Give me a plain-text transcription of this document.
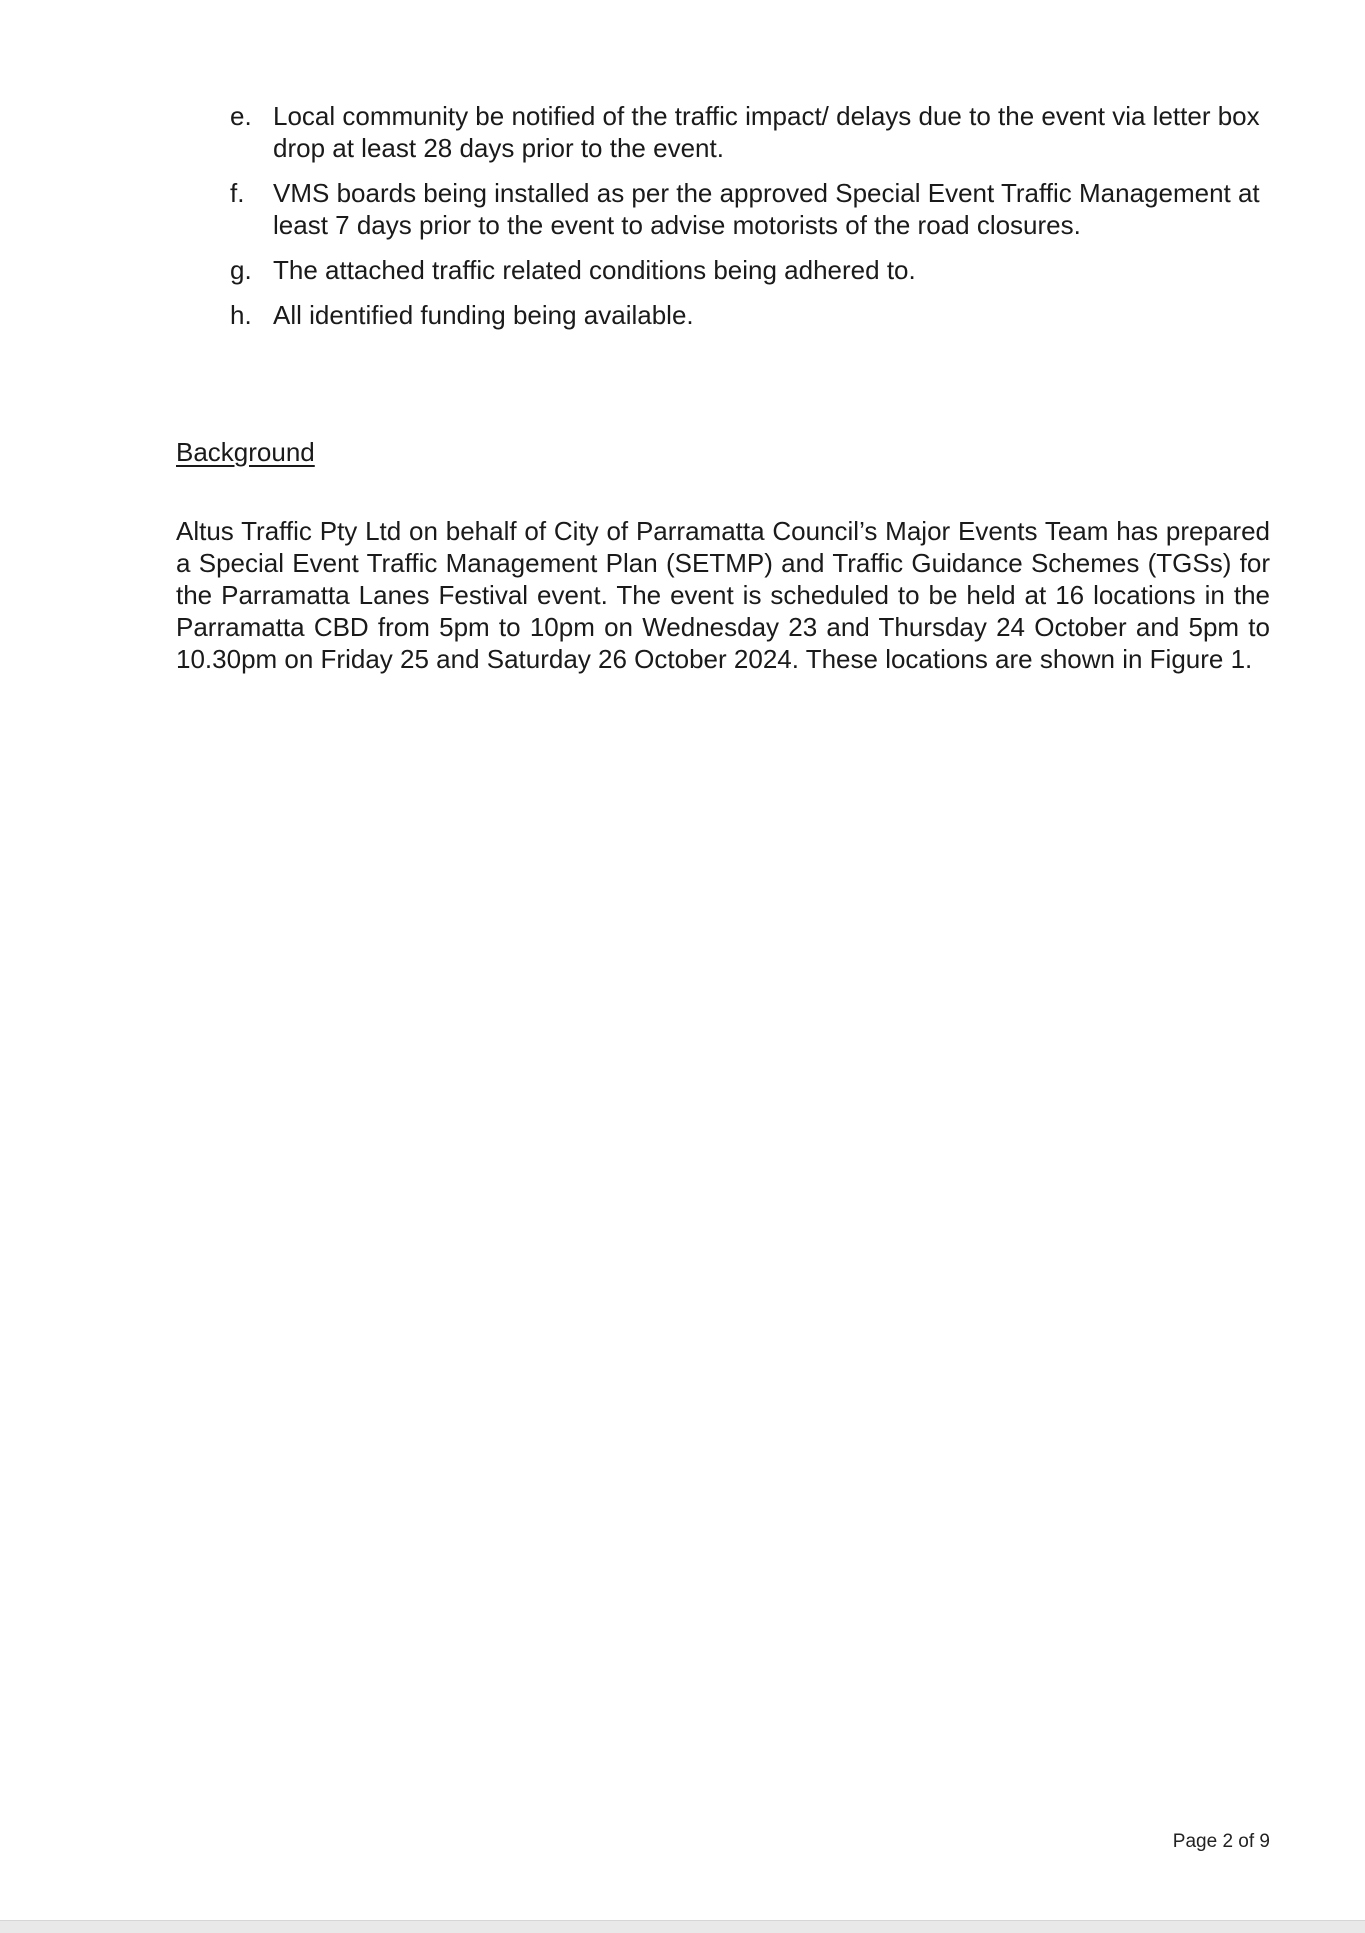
e. Local community be notified of the traffic impact/ delays due to the event via letter box drop at least 28 days prior to the event.
f.	VMS boards being installed as per the approved Special Event Traffic Management at least 7 days prior to the event to advise motorists of the road closures.
g. The attached traffic related conditions being adhered to.
h. All identified funding being available.
Background

Altus Traffic Pty Ltd on behalf of City of Parramatta Council’s Major Events Team has prepared a Special Event Traffic Management Plan (SETMP) and Traffic Guidance Schemes (TGSs) for the Parramatta Lanes Festival event. The event is scheduled to be held at 16 locations in the Parramatta CBD from 5pm to 10pm on Wednesday 23 and Thursday 24 October and 5pm to 10.30pm on Friday 25 and Saturday 26 October 2024. These locations are shown in Figure 1.

Page 2 of 9
